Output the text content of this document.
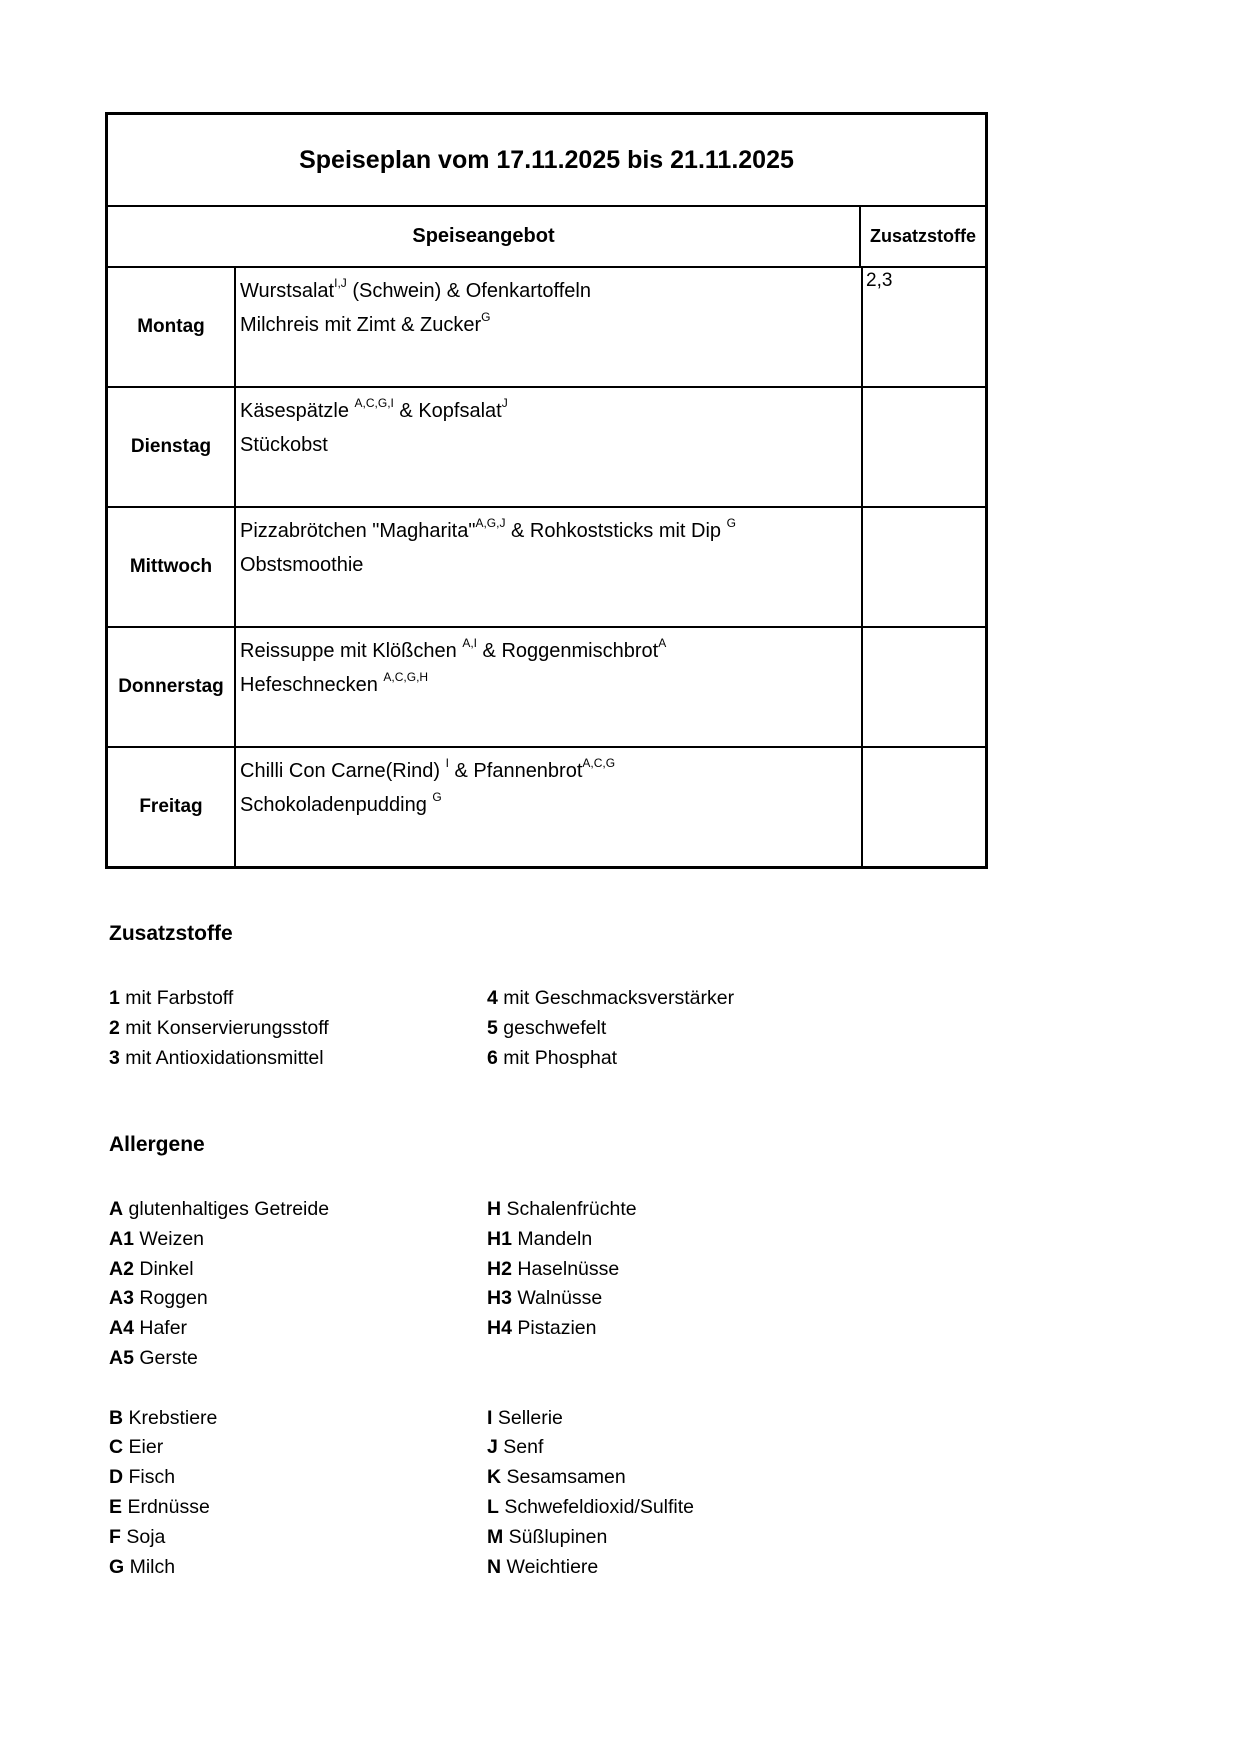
Speiseplan vom 17.11.2025 bis 21.11.2025
Speiseangebot	Zusatzstoffe
Montag
Wurstsalat$^{I,J}$ (Schwein) & Ofenkartoffeln
Milchreis mit Zimt & Zucker$^G$
2,3
Dienstag
Käsespätzle $^{A,C,G,I}$ & Kopfsalat$^J$
Stückobst
Mittwoch
Pizzabrötchen "Magharita"$^{A,G,J}$ & Rohkoststicks mit Dip $^G$
Obstsmoothie
Donnerstag
Reissuppe mit Klößchen $^{A,I}$ & Roggenmischbrot$^A$
Hefeschnecken $^{A,C,G,H}$
Freitag
Chilli Con Carne(Rind) $^I$ & Pfannenbrot$^{A,C,G}$
Schokoladenpudding $^G$
Zusatzstoffe
1 mit Farbstoff
2 mit Konservierungsstoff
3 mit Antioxidationsmittel
4 mit Geschmacksverstärker
5 geschwefelt
6 mit Phosphat
Allergene
A glutenhaltiges Getreide
A1 Weizen
A2 Dinkel
A3 Roggen
A4 Hafer
A5 Gerste
B Krebstiere
C Eier
D Fisch
E Erdnüsse
F Soja
G Milch
H Schalenfrüchte
H1 Mandeln
H2 Haselnüsse
H3 Walnüsse
H4 Pistazien
I Sellerie
J Senf
K Sesamsamen
L Schwefeldioxid/Sulfite
M Süßlupinen
N Weichtiere
